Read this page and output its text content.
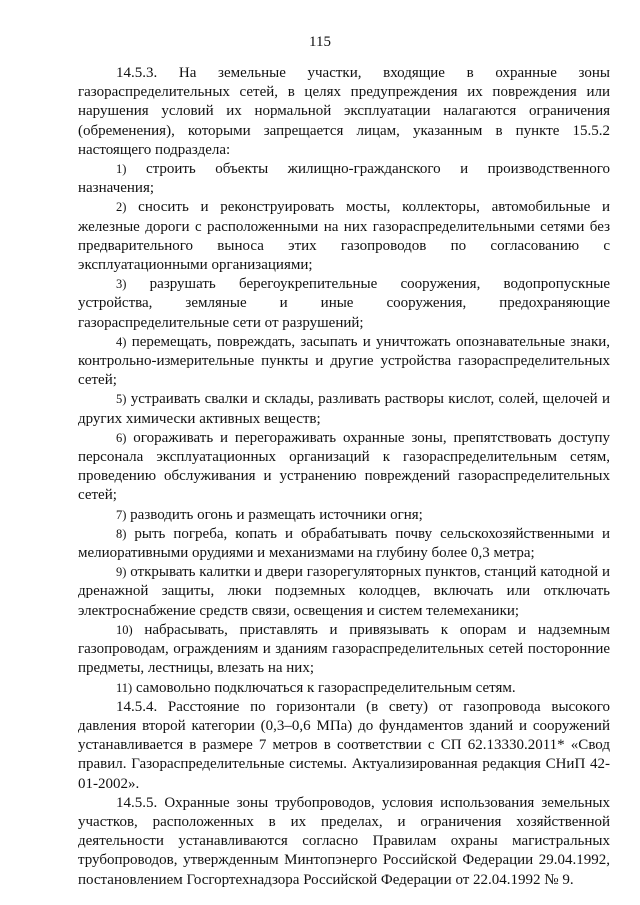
115

14.5.3. На земельные участки, входящие в охранные зоны газораспределительных сетей, в целях предупреждения их повреждения или нарушения условий их нормальной эксплуатации налагаются ограничения (обременения), которыми запрещается лицам, указанным в пункте 15.5.2 настоящего подраздела:

1) строить объекты жилищно-гражданского и производственного назначения;

2) сносить и реконструировать мосты, коллекторы, автомобильные и железные дороги с расположенными на них газораспределительными сетями без предварительного выноса этих газопроводов по согласованию с эксплуатационными организациями;

3) разрушать берегоукрепительные сооружения, водопропускные устройства, земляные и иные сооружения, предохраняющие газораспределительные сети от разрушений;

4) перемещать, повреждать, засыпать и уничтожать опознавательные знаки, контрольно-измерительные пункты и другие устройства газораспределительных сетей;

5) устраивать свалки и склады, разливать растворы кислот, солей, щелочей и других химически активных веществ;

6) огораживать и перегораживать охранные зоны, препятствовать доступу персонала эксплуатационных организаций к газораспределительным сетям, проведению обслуживания и устранению повреждений газораспределительных сетей;

7) разводить огонь и размещать источники огня;

8) рыть погреба, копать и обрабатывать почву сельскохозяйственными и мелиоративными орудиями и механизмами на глубину более 0,3 метра;

9) открывать калитки и двери газорегуляторных пунктов, станций катодной и дренажной защиты, люки подземных колодцев, включать или отключать электроснабжение средств связи, освещения и систем телемеханики;

10) набрасывать, приставлять и привязывать к опорам и надземным газопроводам, ограждениям и зданиям газораспределительных сетей посторонние предметы, лестницы, влезать на них;

11) самовольно подключаться к газораспределительным сетям.

14.5.4. Расстояние по горизонтали (в свету) от газопровода высокого давления второй категории (0,3–0,6 МПа) до фундаментов зданий и сооружений устанавливается в размере 7 метров в соответствии с СП 62.13330.2011* «Свод правил. Газораспределительные системы. Актуализированная редакция СНиП 42-01-2002».

14.5.5. Охранные зоны трубопроводов, условия использования земельных участков, расположенных в их пределах, и ограничения хозяйственной деятельности устанавливаются согласно Правилам охраны магистральных трубопроводов, утвержденным Минтопэнерго Российской Федерации 29.04.1992, постановлением Госгортехнадзора Российской Федерации от 22.04.1992 № 9.
